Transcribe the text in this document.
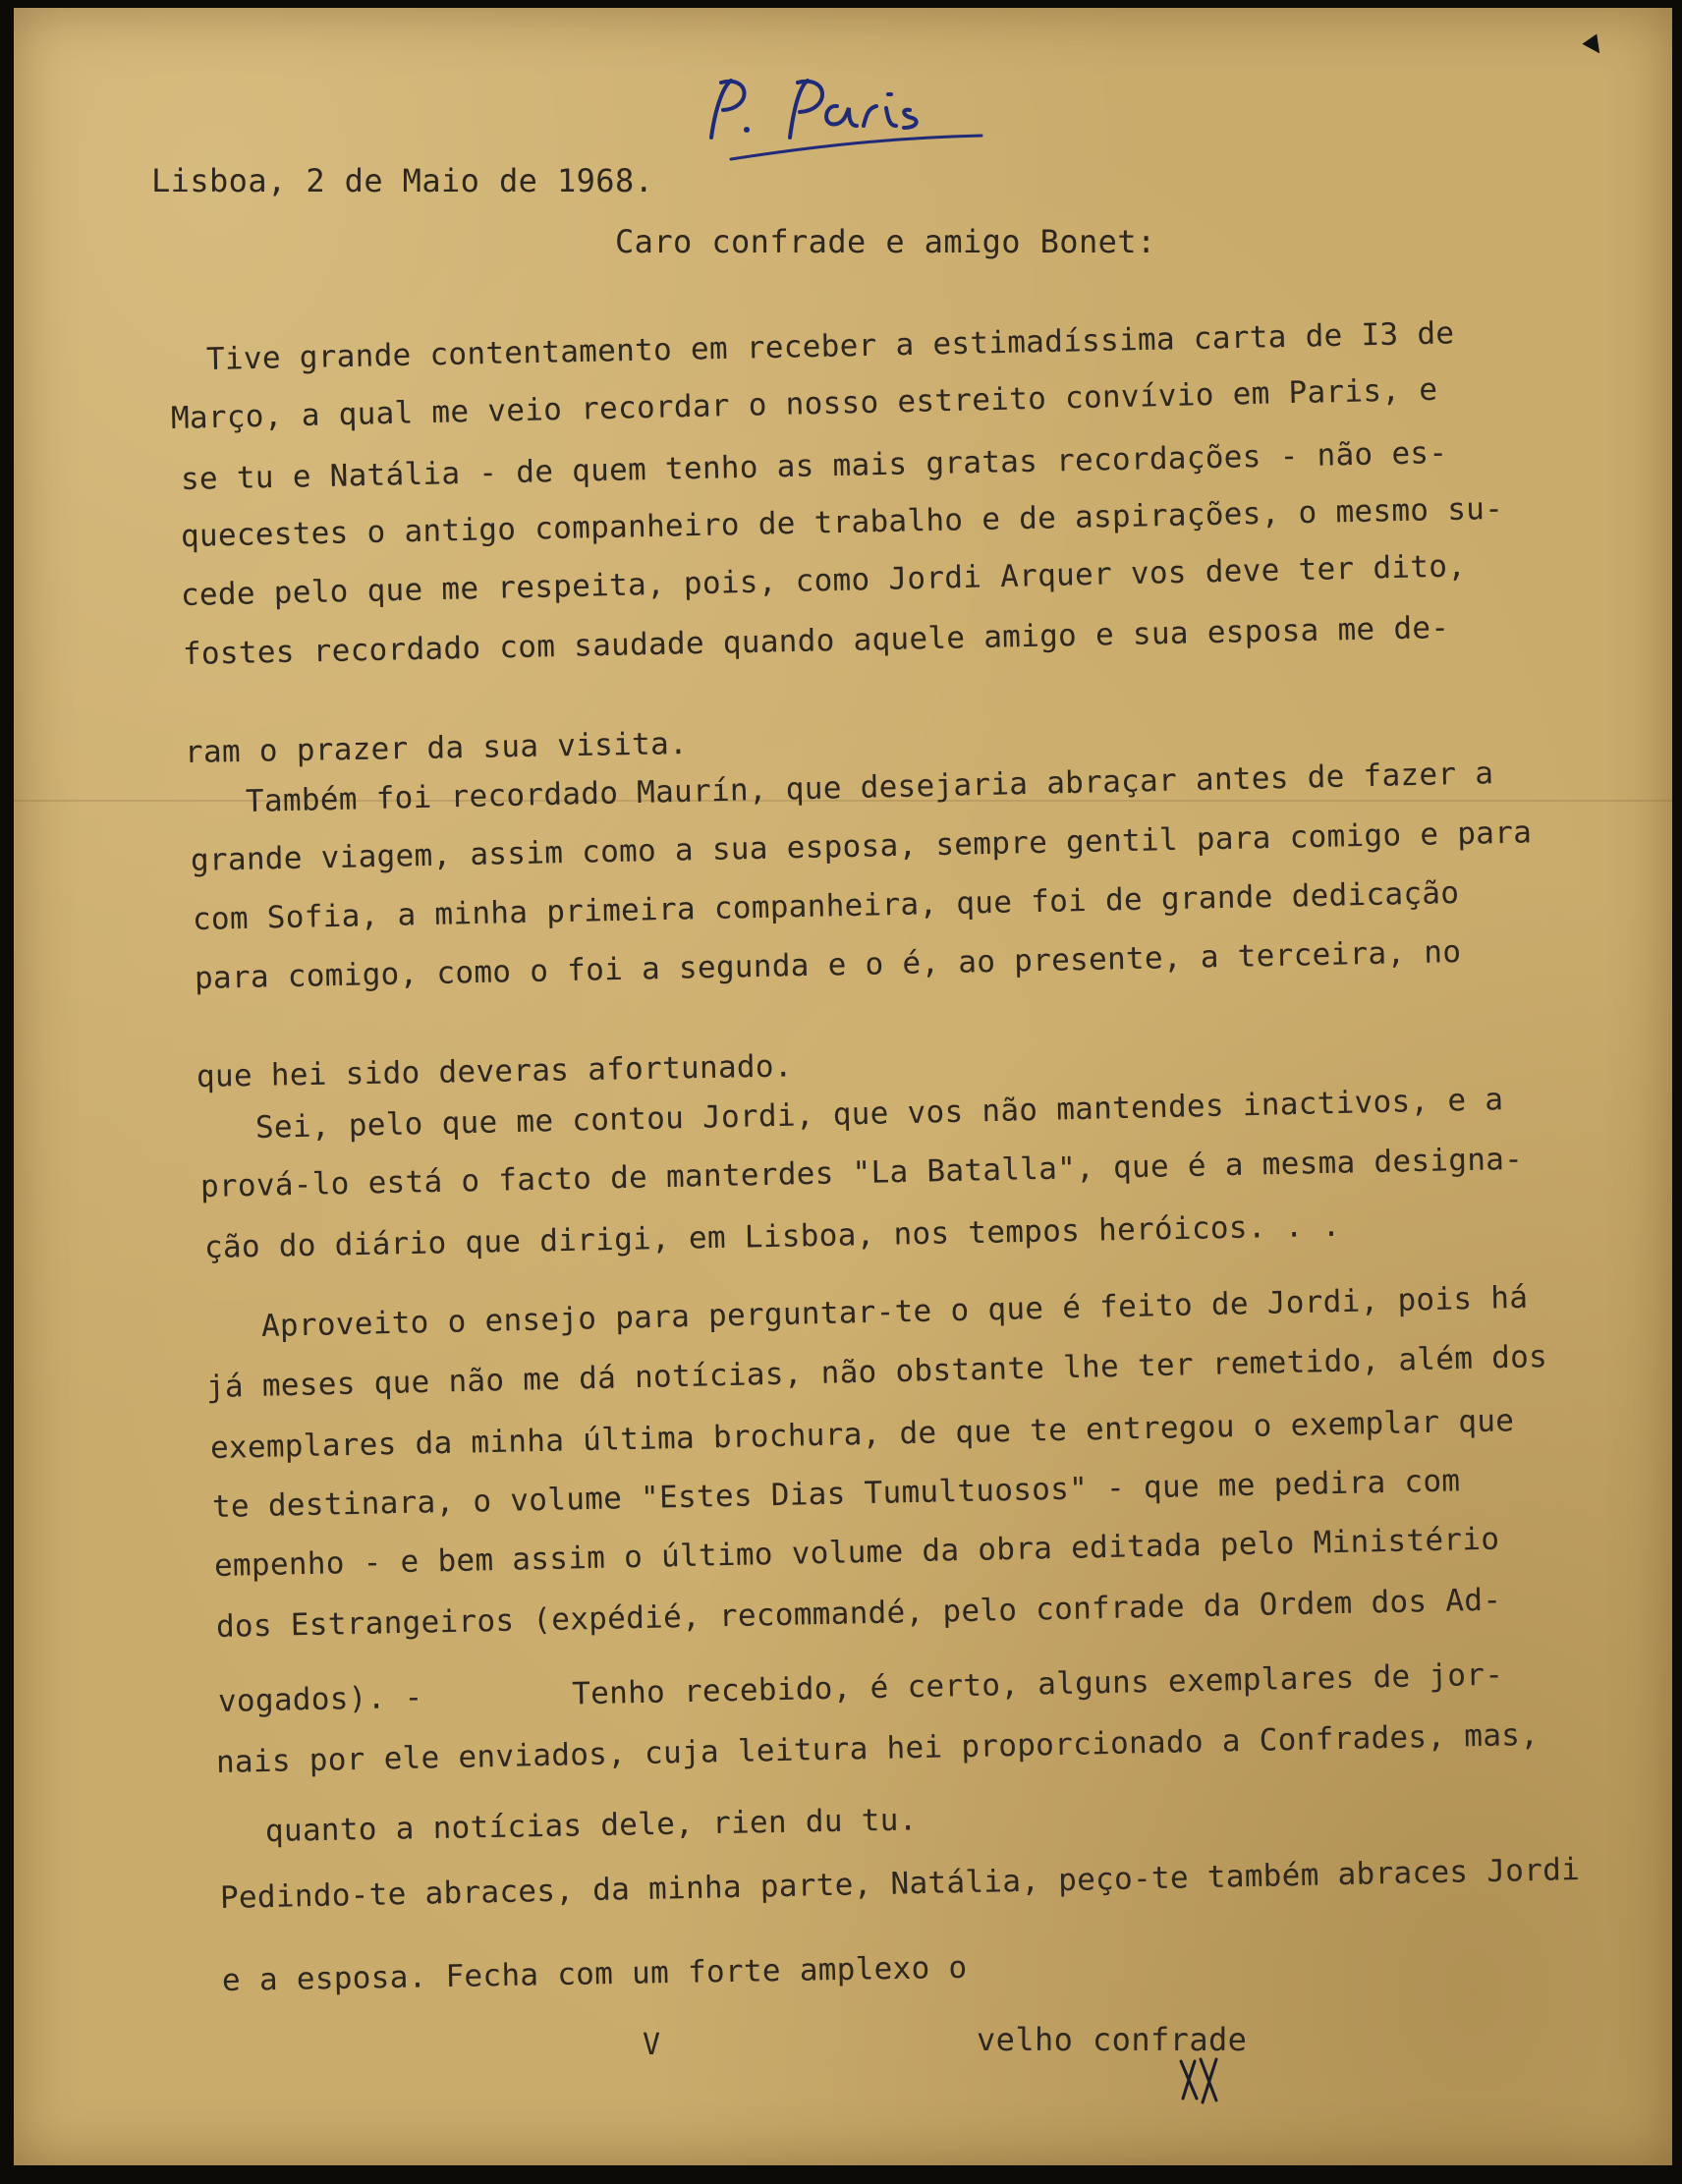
Lisboa, 2 de Maio de 1968.
Caro confrade e amigo Bonet:
Tive grande contentamento em receber a estimadíssima carta de I3 de
Março, a qual me veio recordar o nosso estreito convívio em Paris, e
se tu e Natália - de quem tenho as mais gratas recordações - não es-
quecestes o antigo companheiro de trabalho e de aspirações, o mesmo su-
cede pelo que me respeita, pois, como Jordi Arquer vos deve ter dito,
fostes recordado com saudade quando aquele amigo e sua esposa me de-
ram o prazer da sua visita.
Também foi recordado Maurín, que desejaria abraçar antes de fazer a
grande viagem, assim como a sua esposa, sempre gentil para comigo e para
com Sofia, a minha primeira companheira, que foi de grande dedicação
para comigo, como o foi a segunda e o é, ao presente, a terceira, no
que hei sido deveras afortunado.
Sei, pelo que me contou Jordi, que vos não mantendes inactivos, e a
prová-lo está o facto de manterdes "La Batalla", que é a mesma designa-
ção do diário que dirigi, em Lisboa, nos tempos heróicos. . .
Aproveito o ensejo para perguntar-te o que é feito de Jordi, pois há
já meses que não me dá notícias, não obstante lhe ter remetido, além dos
exemplares da minha última brochura, de que te entregou o exemplar que
te destinara, o volume "Estes Dias Tumultuosos" - que me pedira com
empenho - e bem assim o último volume da obra editada pelo Ministério
dos Estrangeiros (expédié, recommandé, pelo confrade da Ordem dos Ad-
vogados). -        Tenho recebido, é certo, alguns exemplares de jor-
nais por ele enviados, cuja leitura hei proporcionado a Confrades, mas,
quanto a notícias dele, rien du tu.
Pedindo-te abraces, da minha parte, Natália, peço-te também abraces Jordi
e a esposa. Fecha com um forte amplexo o
V	velho confrade
